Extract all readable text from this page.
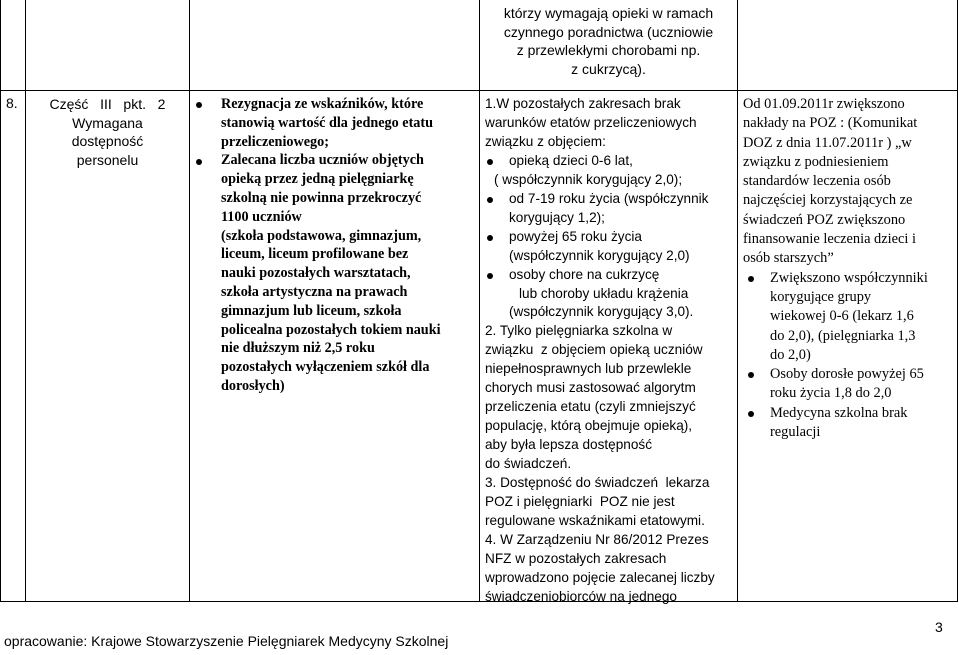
którzy wymagają opieki w ramach
czynnego poradnictwa (uczniowie
z przewlekłymi chorobami np.
z cukrzycą).
8.	Część   III   pkt.   2
Wymagana
dostępność
personelu
Rezygnacja ze wskaźników, które
stanowią wartość dla jednego etatu
przeliczeniowego;
Zalecana liczba uczniów objętych
opieką przez jedną pielęgniarkę
szkolną nie powinna przekroczyć
1100 uczniów
(szkoła podstawowa, gimnazjum,
liceum, liceum profilowane bez
nauki pozostałych warsztatach,
szkoła artystyczna na prawach
gimnazjum lub liceum, szkoła
policealna pozostałych tokiem nauki
nie dłuższym niż 2,5 roku
pozostałych wyłączeniem szkół dla
dorosłych)
1.W pozostałych zakresach brak
warunków etatów przeliczeniowych
związku z objęciem:
opieką dzieci 0-6 lat,
( współczynnik korygujący 2,0);
od 7-19 roku życia (współczynnik
korygujący 1,2);
powyżej 65 roku życia
(współczynnik korygujący 2,0)
osoby chore na cukrzycę
lub choroby układu krążenia
(współczynnik korygujący 3,0).
2. Tylko pielęgniarka szkolna w
związku  z objęciem opieką uczniów
niepełnosprawnych lub przewlekle
chorych musi zastosować algorytm
przeliczenia etatu (czyli zmniejszyć
populację, którą obejmuje opieką),
aby była lepsza dostępność
do świadczeń.
3. Dostępność do świadczeń  lekarza
POZ i pielęgniarki  POZ nie jest
regulowane wskaźnikami etatowymi.
4. W Zarządzeniu Nr 86/2012 Prezes
NFZ w pozostałych zakresach
wprowadzono pojęcie zalecanej liczby
świadczeniobiorców na jednego
Od 01.09.2011r zwiększono
nakłady na POZ : (Komunikat
DOZ z dnia 11.07.2011r ) „w
związku z podniesieniem
standardów leczenia osób
najczęściej korzystających ze
świadczeń POZ zwiększono
finansowanie leczenia dzieci i
osób starszych”
Zwiększono współczynniki
korygujące grupy
wiekowej 0-6 (lekarz 1,6
do 2,0), (pielęgniarka 1,3
do 2,0)
Osoby dorosłe powyżej 65
roku życia 1,8 do 2,0
Medycyna szkolna brak
regulacji
opracowanie: Krajowe Stowarzyszenie Pielęgniarek Medycyny Szkolnej
3
